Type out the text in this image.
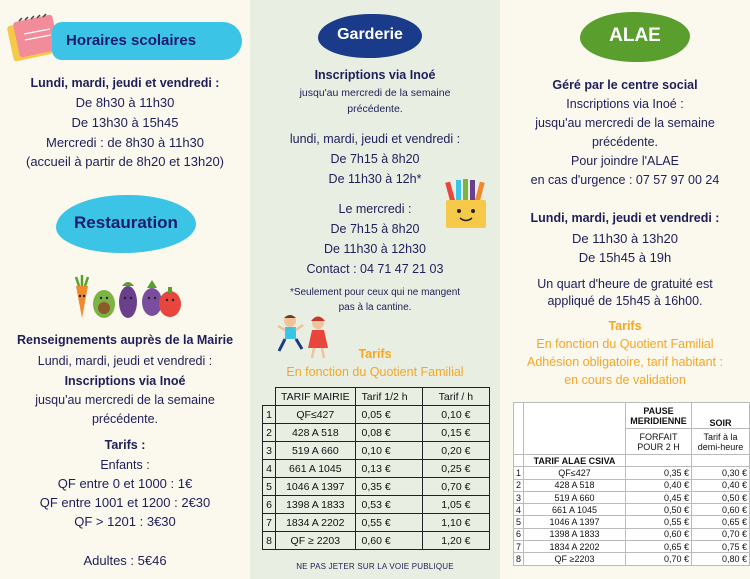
Horaires scolaires
Lundi, mardi, jeudi et vendredi :
De 8h30 à 11h30
De 13h30 à 15h45
Mercredi : de 8h30 à 11h30
(accueil à partir de 8h20 et 13h20)
Restauration
Renseignements auprès de la Mairie
Lundi, mardi, jeudi et vendredi :
Inscriptions via Inoé
jusqu'au mercredi de la semaine
précédente.
Tarifs :
Enfants :
QF entre 0 et 1000 : 1€
QF entre 1001 et 1200 : 2€30
QF > 1201 : 3€30
Adultes : 5€46
Garderie
Inscriptions via Inoé
jusqu'au mercredi de la semaine
précédente.
lundi, mardi, jeudi et vendredi :
De 7h15 à 8h20
De 11h30 à 12h*
Le mercredi :
De 7h15 à 8h20
De 11h30 à 12h30
Contact : 04 71 47 21 03
*Seulement pour ceux qui ne mangent
pas à la cantine.
Tarifs
En fonction du Quotient Familial
NE PAS JETER SUR LA VOIE PUBLIQUE
	TARIF MAIRIE	Tarif 1/2 h	Tarif / h
1	QF≤427	0,05 €	0,10 €
2	428 A 518	0,08 €	0,15 €
3	519 A 660	0,10 €	0,20 €
4	661 A 1045	0,13 €	0,25 €
5	1046 A 1397	0,35 €	0,70 €
6	1398 A 1833	0,53 €	1,05 €
7	1834 A 2202	0,55 €	1,10 €
8	QF ≥ 2203	0,60 €	1,20 €
ALAE
Géré par le centre social
Inscriptions via Inoé :
jusqu'au mercredi de la semaine
précédente.
Pour joindre l'ALAE
en cas d'urgence : 07 57 97 00 24
Lundi, mardi, jeudi et vendredi :
De 11h30 à 13h20
De 15h45 à 19h
Un quart d'heure de gratuité est
appliqué de 15h45 à 16h00.
Tarifs
En fonction du Quotient Familial
Adhésion obligatoire, tarif habitant :
en cours de validation
		PAUSE MERIDIENNE	SOIR
		FORFAIT POUR 2 H	Tarif à la demi-heure
	TARIF ALAE CSIVA		
1	QF≤427	0,35 €	0,30 €
2	428 A 518	0,40 €	0,40 €
3	519 A 660	0,45 €	0,50 €
4	661 A 1045	0,50 €	0,60 €
5	1046 A 1397	0,55 €	0,65 €
6	1398 A 1833	0,60 €	0,70 €
7	1834 A 2202	0,65 €	0,75 €
8	QF ≥2203	0,70 €	0,80 €
